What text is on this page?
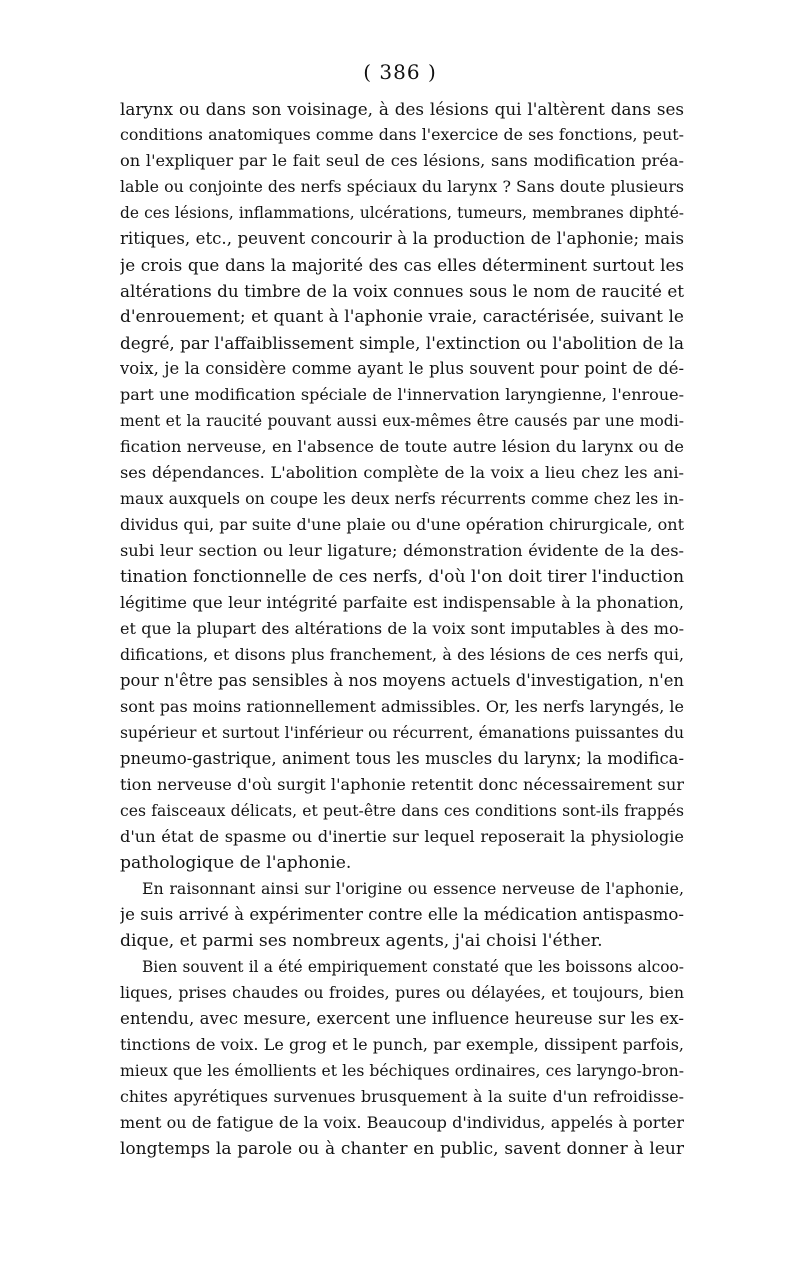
( 386 )
larynx ou dans son voisinage, à des lésions qui l'altèrent dans ses
conditions anatomiques comme dans l'exercice de ses fonctions, peut-
on l'expliquer par le fait seul de ces lésions, sans modification préa-
lable ou conjointe des nerfs spéciaux du larynx ? Sans doute plusieurs
de ces lésions, inflammations, ulcérations, tumeurs, membranes diphté-
ritiques, etc., peuvent concourir à la production de l'aphonie; mais
je crois que dans la majorité des cas elles déterminent surtout les
altérations du timbre de la voix connues sous le nom de raucité et
d'enrouement; et quant à l'aphonie vraie, caractérisée, suivant le
degré, par l'affaiblissement simple, l'extinction ou l'abolition de la
voix, je la considère comme ayant le plus souvent pour point de dé-
part une modification spéciale de l'innervation laryngienne, l'enroue-
ment et la raucité pouvant aussi eux-mêmes être causés par une modi-
fication nerveuse, en l'absence de toute autre lésion du larynx ou de
ses dépendances. L'abolition complète de la voix a lieu chez les ani-
maux auxquels on coupe les deux nerfs récurrents comme chez les in-
dividus qui, par suite d'une plaie ou d'une opération chirurgicale, ont
subi leur section ou leur ligature; démonstration évidente de la des-
tination fonctionnelle de ces nerfs, d'où l'on doit tirer l'induction
légitime que leur intégrité parfaite est indispensable à la phonation,
et que la plupart des altérations de la voix sont imputables à des mo-
difications, et disons plus franchement, à des lésions de ces nerfs qui,
pour n'être pas sensibles à nos moyens actuels d'investigation, n'en
sont pas moins rationnellement admissibles. Or, les nerfs laryngés, le
supérieur et surtout l'inférieur ou récurrent, émanations puissantes du
pneumo-gastrique, animent tous les muscles du larynx; la modifica-
tion nerveuse d'où surgit l'aphonie retentit donc nécessairement sur
ces faisceaux délicats, et peut-être dans ces conditions sont-ils frappés
d'un état de spasme ou d'inertie sur lequel reposerait la physiologie
pathologique de l'aphonie.
En raisonnant ainsi sur l'origine ou essence nerveuse de l'aphonie,
je suis arrivé à expérimenter contre elle la médication antispasmo-
dique, et parmi ses nombreux agents, j'ai choisi l'éther.
Bien souvent il a été empiriquement constaté que les boissons alcoo-
liques, prises chaudes ou froides, pures ou délayées, et toujours, bien
entendu, avec mesure, exercent une influence heureuse sur les ex-
tinctions de voix. Le grog et le punch, par exemple, dissipent parfois,
mieux que les émollients et les béchiques ordinaires, ces laryngo-bron-
chites apyrétiques survenues brusquement à la suite d'un refroidisse-
ment ou de fatigue de la voix. Beaucoup d'individus, appelés à porter
longtemps la parole ou à chanter en public, savent donner à leur
